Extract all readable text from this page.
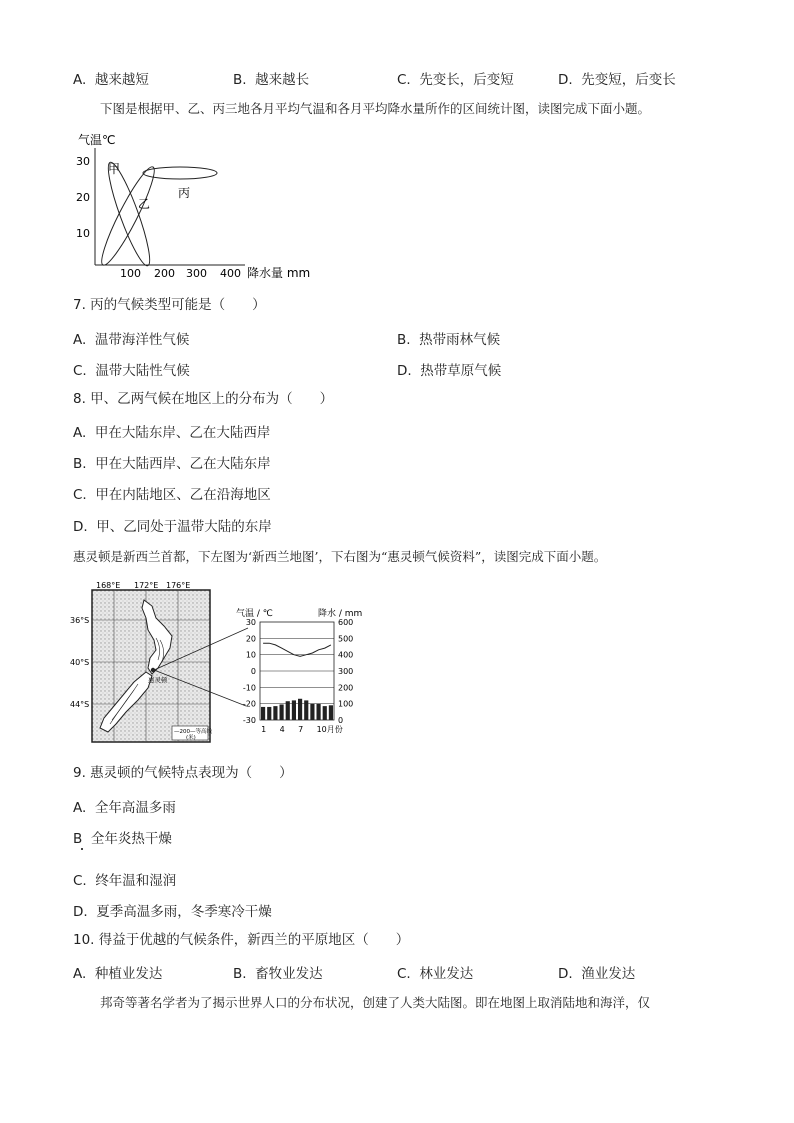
A. 越来越短	B. 越来越长	C. 先变长，后变短	D. 先变短，后变长
下图是根据甲、乙、丙三地各月平均气温和各月平均降水量所作的区间统计图，读图完成下面小题。
气温℃
30
20
10
100 200 300 400 降水量 mm
甲
乙
丙
7. 丙的气候类型可能是（　　）
A. 温带海洋性气候	B. 热带雨林气候
C. 温带大陆性气候	D. 热带草原气候
8. 甲、乙两气候在地区上的分布为（　　）
A. 甲在大陆东岸、乙在大陆西岸
B. 甲在大陆西岸、乙在大陆东岸
C. 甲在内陆地区、乙在沿海地区
D. 甲、乙同处于温带大陆的东岸
惠灵顿是新西兰首都，下左图为‘新西兰地图’，下右图为“惠灵顿气候资料”，读图完成下面小题。
168°E 172°E 176°E
36°S
40°S
44°S
惠灵顿
—200—等高线
(米)
气温 / ℃	降水 / mm
30
20
10
0
-10
-20
-30
600
500
400
300
200
100
0
1 4 7 10月份
9. 惠灵顿的气候特点表现为（　　）
A. 全年高温多雨
B 全年炎热干燥
C. 终年温和湿润
D. 夏季高温多雨，冬季寒冷干燥
10. 得益于优越的气候条件，新西兰的平原地区（　　）
A. 种植业发达	B. 畜牧业发达	C. 林业发达	D. 渔业发达
邦奇等著名学者为了揭示世界人口的分布状况，创建了人类大陆图。即在地图上取消陆地和海洋，仅
